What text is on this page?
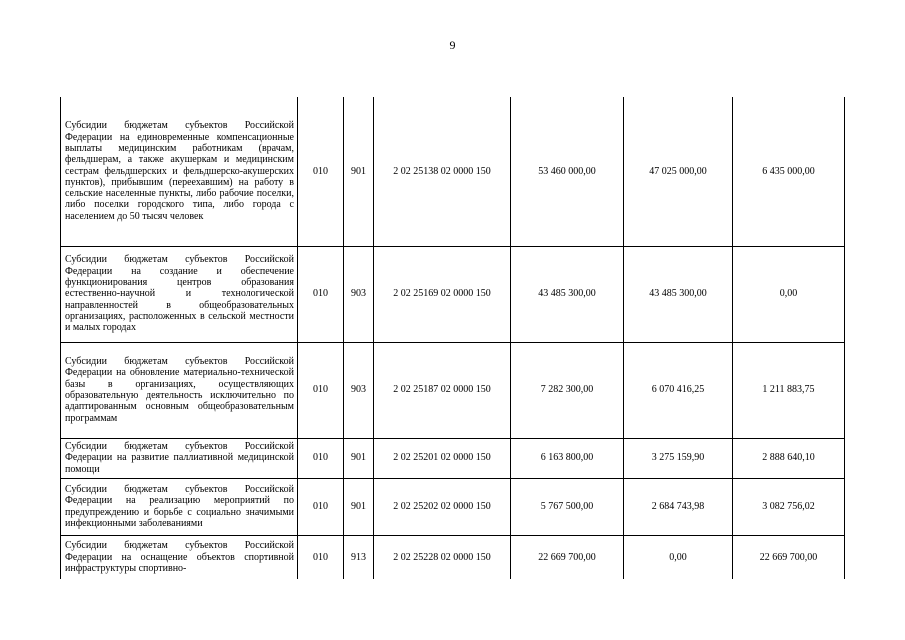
9
Субсидии бюджетам субъектов Российской Федерации на единовременные компенсационные выплаты медицинским работникам (врачам, фельдшерам, а также акушеркам и медицинским сестрам фельдшерских и фельдшерско-акушерских пунктов), прибывшим (переехавшим) на работу в сельские населенные пункты, либо рабочие поселки, либо поселки городского типа, либо города с населением до 50 тысяч человек	010	901	2 02 25138 02 0000 150	53 460 000,00	47 025 000,00	6 435 000,00
Субсидии бюджетам субъектов Российской Федерации на создание и обеспечение функционирования центров образования естественно-научной и технологической направленностей в общеобразовательных организациях, расположенных в сельской местности и малых городах	010	903	2 02 25169 02 0000 150	43 485 300,00	43 485 300,00	0,00
Субсидии бюджетам субъектов Российской Федерации на обновление материально-технической базы в организациях, осуществляющих образовательную деятельность исключительно по адаптированным основным общеобразовательным программам	010	903	2 02 25187 02 0000 150	7 282 300,00	6 070 416,25	1 211 883,75
Субсидии бюджетам субъектов Российской Федерации на развитие паллиативной медицинской помощи	010	901	2 02 25201 02 0000 150	6 163 800,00	3 275 159,90	2 888 640,10
Субсидии бюджетам субъектов Российской Федерации на реализацию мероприятий по предупреждению и борьбе с социально значимыми инфекционными заболеваниями	010	901	2 02 25202 02 0000 150	5 767 500,00	2 684 743,98	3 082 756,02
Субсидии бюджетам субъектов Российской Федерации на оснащение объектов спортивной инфраструктуры спортивно-	010	913	2 02 25228 02 0000 150	22 669 700,00	0,00	22 669 700,00
